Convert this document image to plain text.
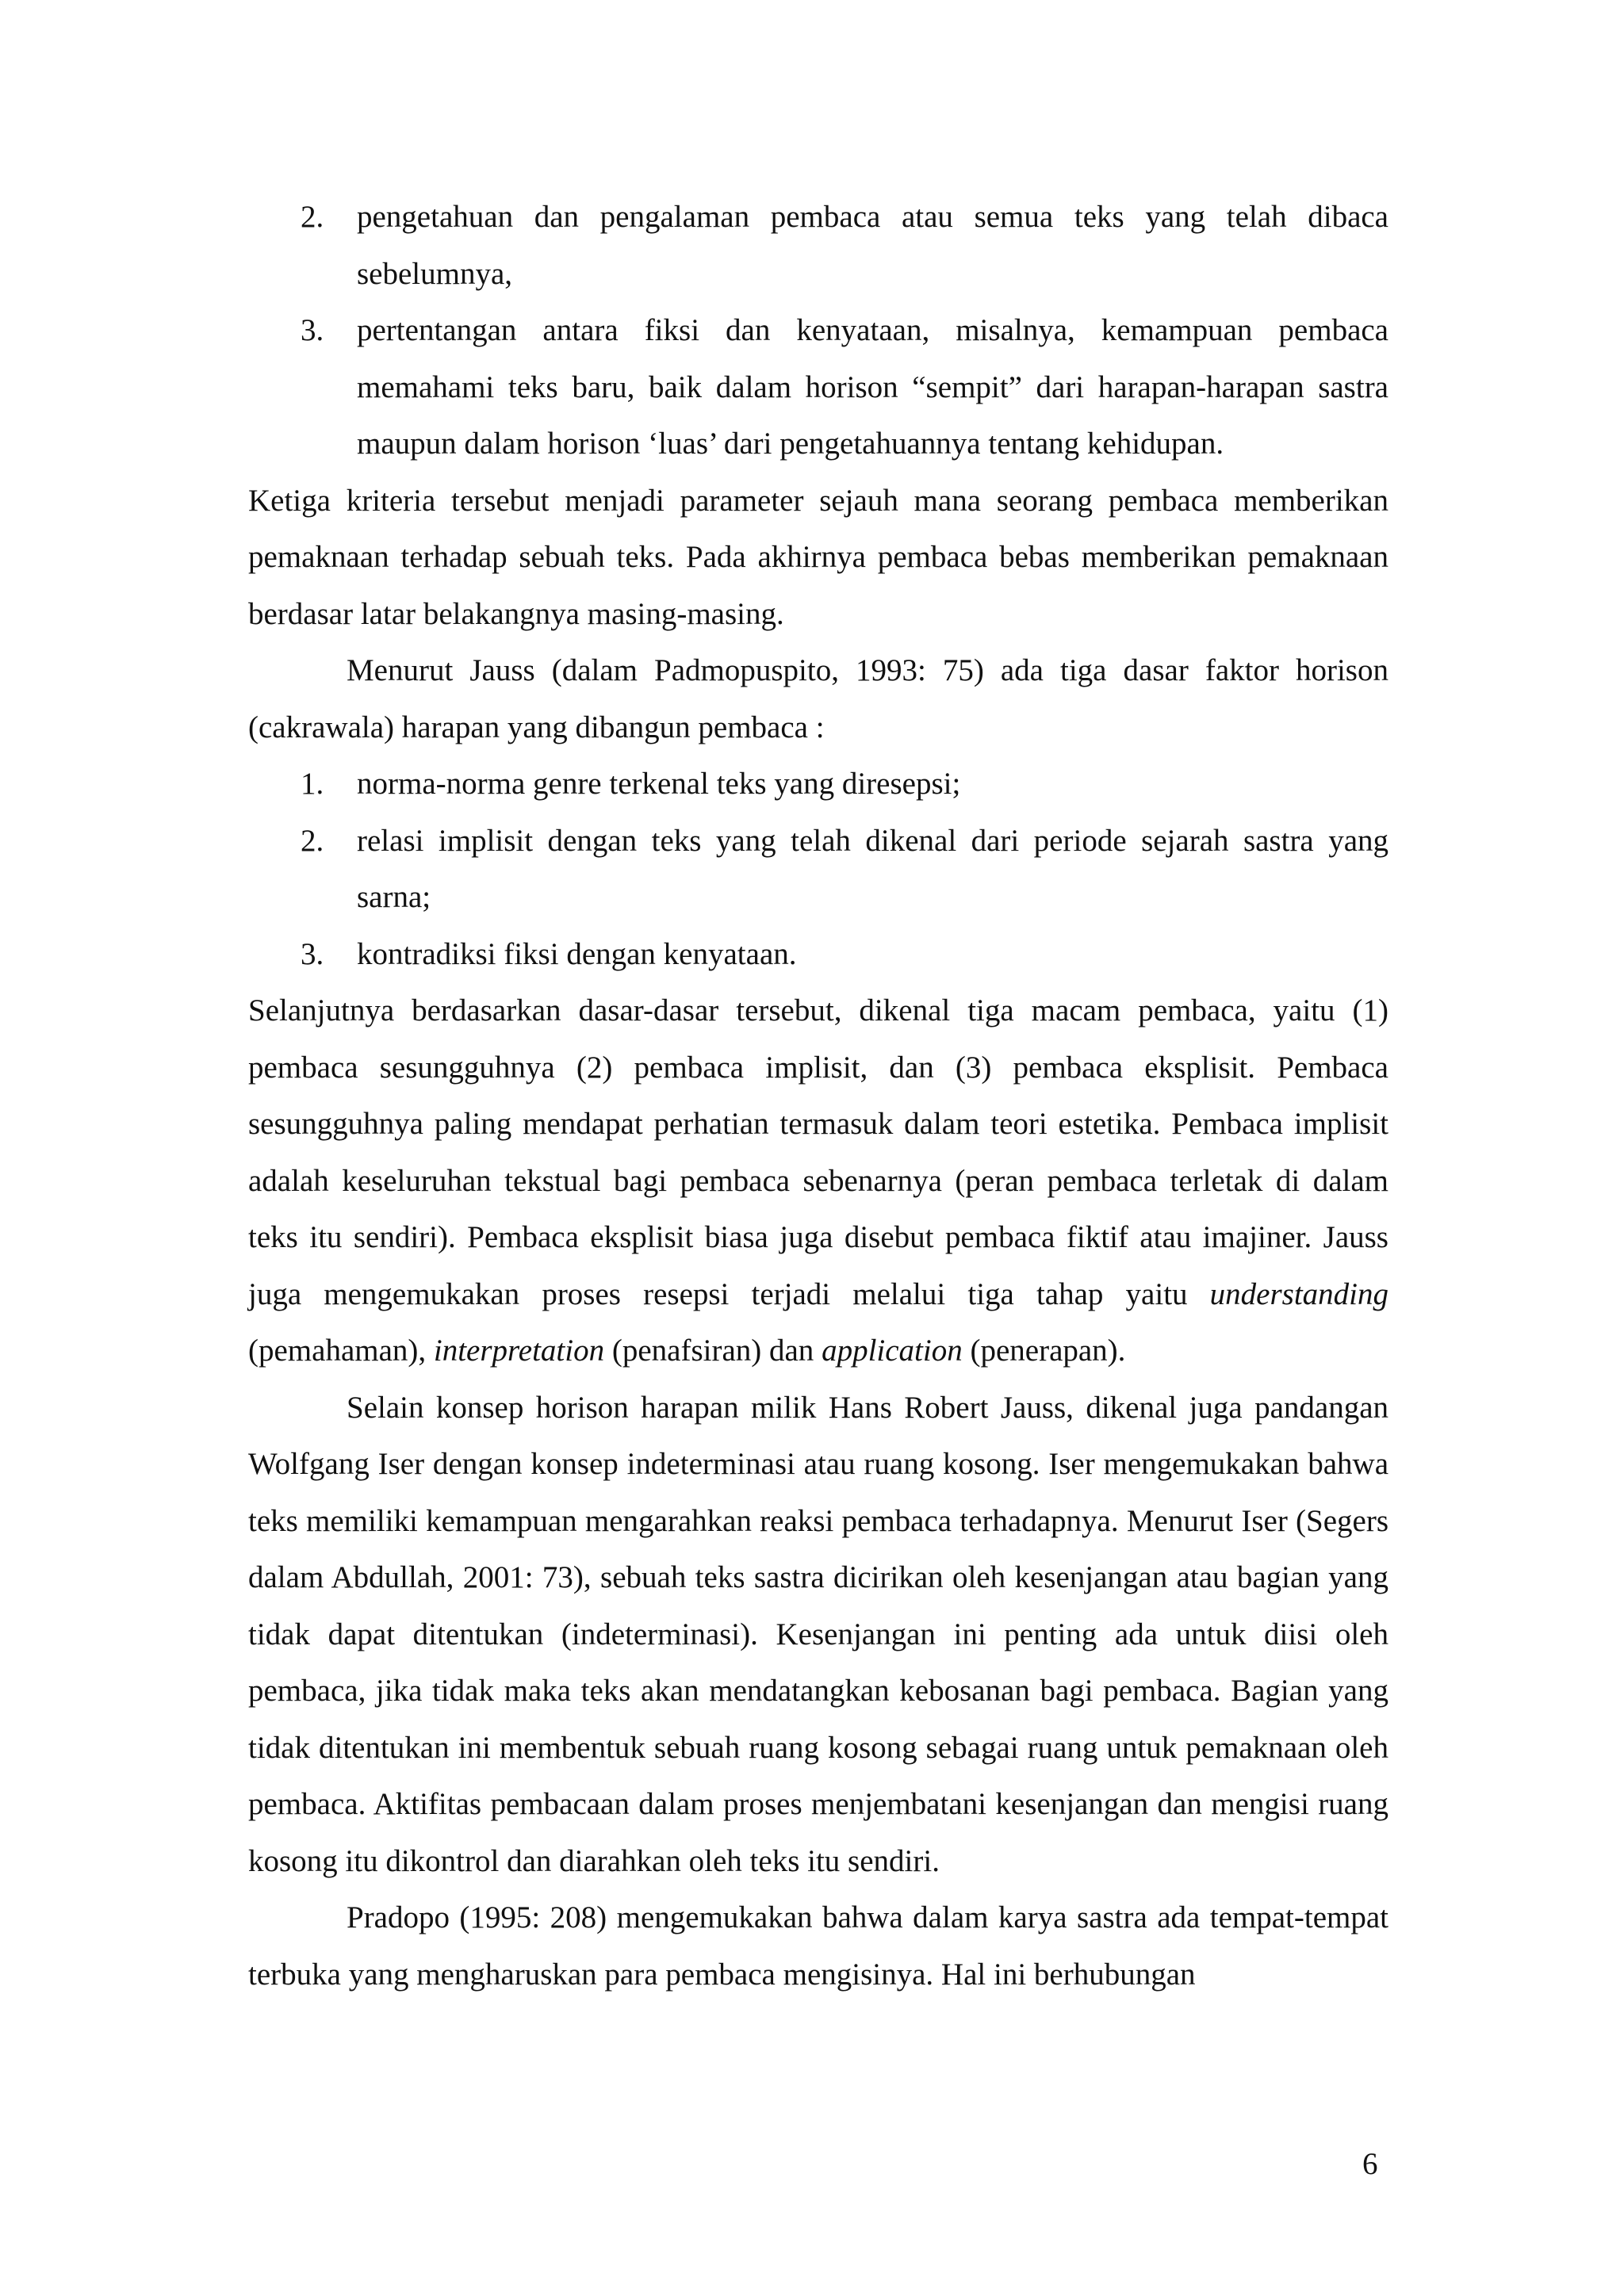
2. pengetahuan dan pengalaman pembaca atau semua teks yang telah dibaca sebelumnya,
3. pertentangan antara fiksi dan kenyataan, misalnya, kemampuan pembaca memahami teks baru, baik dalam horison “sempit” dari harapan-harapan sastra maupun dalam horison ‘luas’ dari pengetahuannya tentang kehidupan.

Ketiga kriteria tersebut menjadi parameter sejauh mana seorang pembaca memberikan pemaknaan terhadap sebuah teks. Pada akhirnya pembaca bebas memberikan pemaknaan berdasar latar belakangnya masing-masing.

Menurut Jauss (dalam Padmopuspito, 1993: 75) ada tiga dasar faktor horison (cakrawala) harapan yang dibangun pembaca :

1. norma-norma genre terkenal teks yang diresepsi;
2. relasi implisit dengan teks yang telah dikenal dari periode sejarah sastra yang sarna;
3. kontradiksi fiksi dengan kenyataan.

Selanjutnya berdasarkan dasar-dasar tersebut, dikenal tiga macam pembaca, yaitu (1) pembaca sesungguhnya (2) pembaca implisit, dan (3) pembaca eksplisit. Pembaca sesungguhnya paling mendapat perhatian termasuk dalam teori estetika. Pembaca implisit adalah keseluruhan tekstual bagi pembaca sebenarnya (peran pembaca terletak di dalam teks itu sendiri). Pembaca eksplisit biasa juga disebut pembaca fiktif atau imajiner. Jauss juga mengemukakan proses resepsi terjadi melalui tiga tahap yaitu understanding (pemahaman), interpretation (penafsiran) dan application (penerapan).

Selain konsep horison harapan milik Hans Robert Jauss, dikenal juga pandangan Wolfgang Iser dengan konsep indeterminasi atau ruang kosong. Iser mengemukakan bahwa teks memiliki kemampuan mengarahkan reaksi pembaca terhadapnya. Menurut Iser (Segers dalam Abdullah, 2001: 73), sebuah teks sastra dicirikan oleh kesenjangan atau bagian yang tidak dapat ditentukan (indeterminasi). Kesenjangan ini penting ada untuk diisi oleh pembaca, jika tidak maka teks akan mendatangkan kebosanan bagi pembaca. Bagian yang tidak ditentukan ini membentuk sebuah ruang kosong sebagai ruang untuk pemaknaan oleh pembaca. Aktifitas pembacaan dalam proses menjembatani kesenjangan dan mengisi ruang kosong itu dikontrol dan diarahkan oleh teks itu sendiri.

Pradopo (1995: 208) mengemukakan bahwa dalam karya sastra ada tempat-tempat terbuka yang mengharuskan para pembaca mengisinya. Hal ini berhubungan

6
